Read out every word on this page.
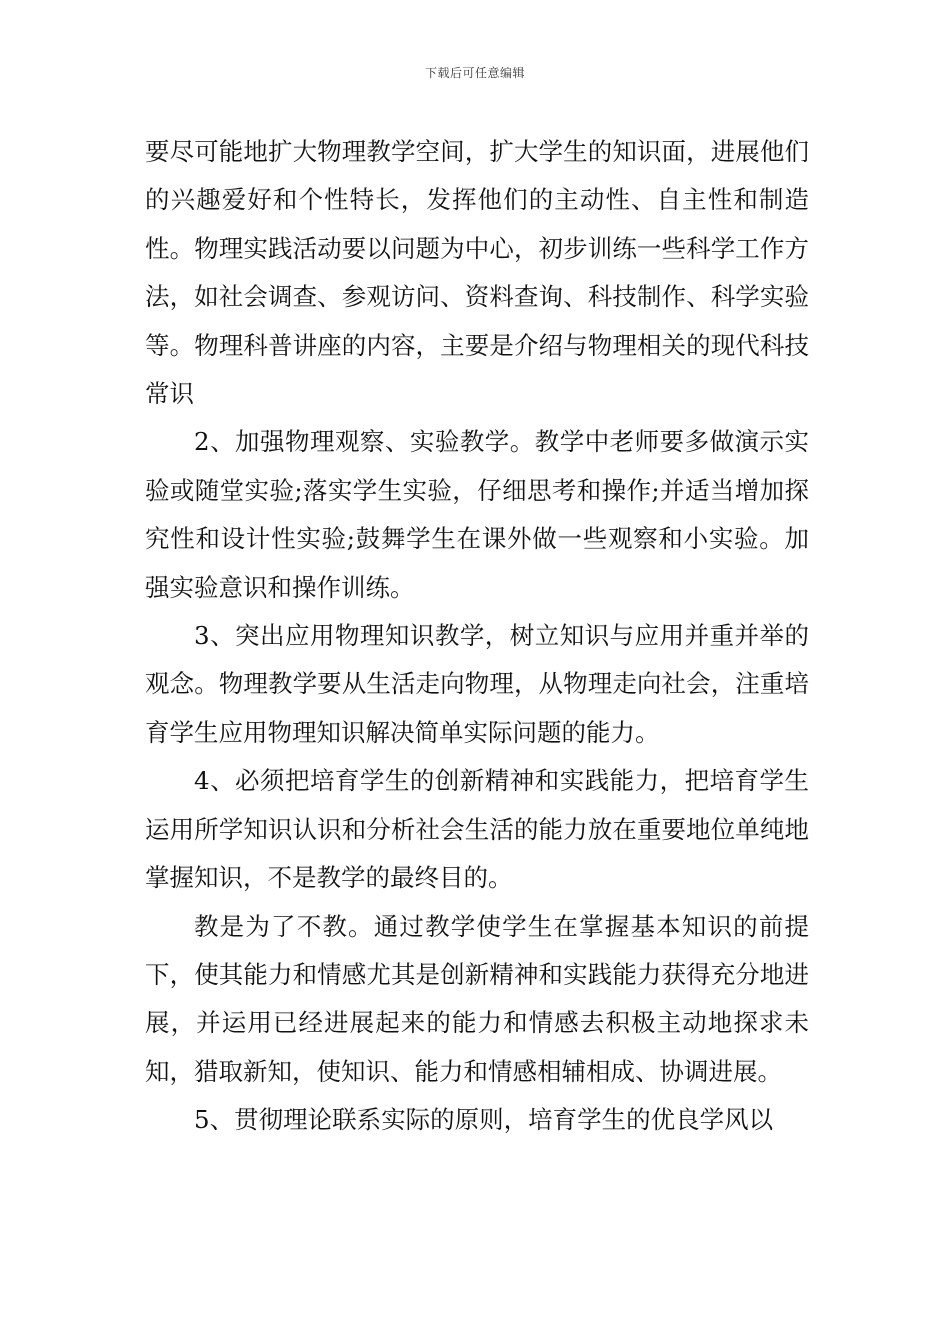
下载后可任意编辑

要尽可能地扩大物理教学空间，扩大学生的知识面，进展他们的兴趣爱好和个性特长，发挥他们的主动性、自主性和制造性。物理实践活动要以问题为中心，初步训练一些科学工作方法，如社会调查、参观访问、资料查询、科技制作、科学实验等。物理科普讲座的内容，主要是介绍与物理相关的现代科技常识

2、加强物理观察、实验教学。教学中老师要多做演示实验或随堂实验;落实学生实验，仔细思考和操作;并适当增加探究性和设计性实验;鼓舞学生在课外做一些观察和小实验。加强实验意识和操作训练。

3、突出应用物理知识教学，树立知识与应用并重并举的观念。物理教学要从生活走向物理，从物理走向社会，注重培育学生应用物理知识解决简单实际问题的能力。

4、必须把培育学生的创新精神和实践能力，把培育学生运用所学知识认识和分析社会生活的能力放在重要地位单纯地掌握知识，不是教学的最终目的。

教是为了不教。通过教学使学生在掌握基本知识的前提下，使其能力和情感尤其是创新精神和实践能力获得充分地进展，并运用已经进展起来的能力和情感去积极主动地探求未知，猎取新知，使知识、能力和情感相辅相成、协调进展。

5、贯彻理论联系实际的原则，培育学生的优良学风以
